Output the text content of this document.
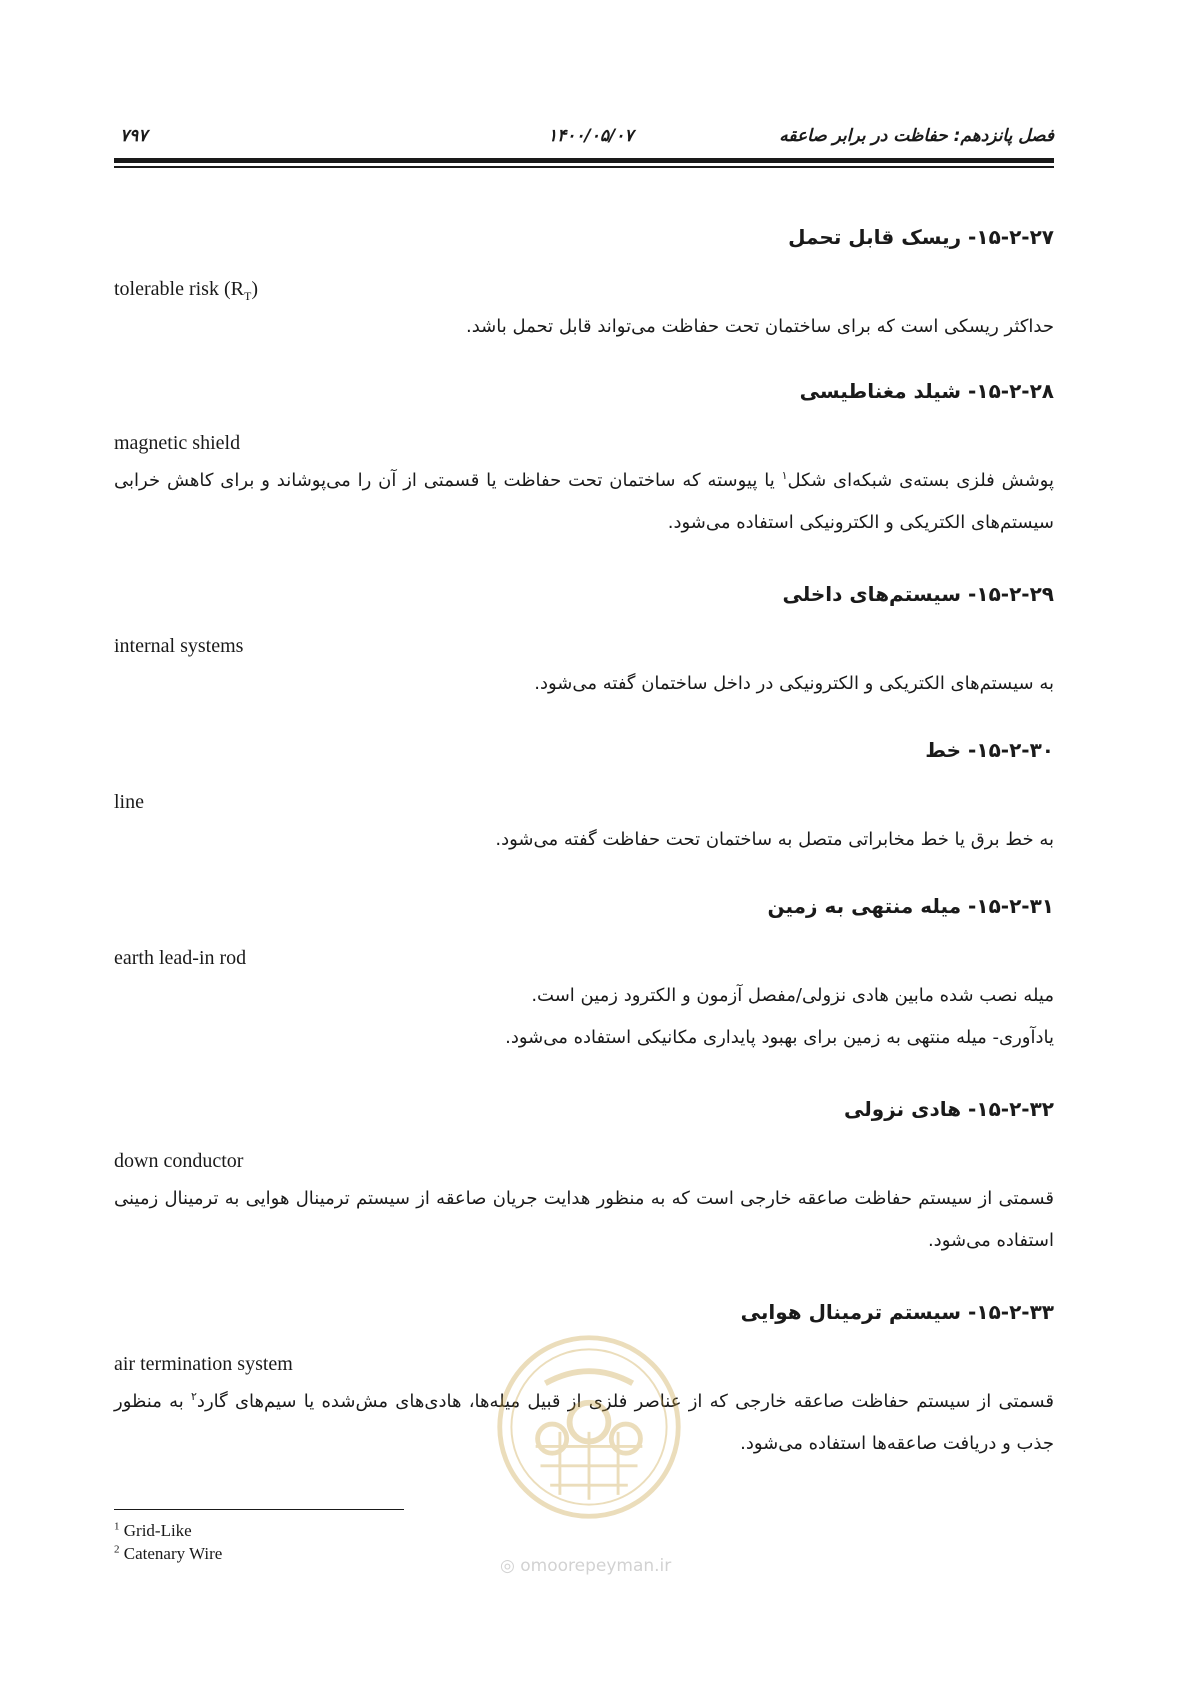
فصل پانزدهم: حفاظت در برابر صاعقه
۱۴۰۰/۰۵/۰۷
۷۹۷
۱۵-۲-۲۷- ریسک قابل تحمل
tolerable risk $(R_T)$

حداکثر ریسکی است که برای ساختمان تحت حفاظت می‌تواند قابل تحمل باشد.

۱۵-۲-۲۸- شیلد مغناطیسی
magnetic shield

پوشش فلزی بسته‌ی شبکه‌ای شکل$^۱$ یا پیوسته که ساختمان تحت حفاظت یا قسمتی از آن را می‌پوشاند و برای کاهش خرابی سیستم‌های الکتریکی و الکترونیکی استفاده می‌شود.

۱۵-۲-۲۹- سیستم‌های داخلی
internal systems

به سیستم‌های الکتریکی و الکترونیکی در داخل ساختمان گفته می‌شود.

۱۵-۲-۳۰- خط
line

به خط برق یا خط مخابراتی متصل به ساختمان تحت حفاظت گفته می‌شود.

۱۵-۲-۳۱- میله منتهی به زمین
earth lead-in rod

میله نصب شده مابین هادی نزولی/مفصل آزمون و الکترود زمین است.

یادآوری- میله منتهی به زمین برای بهبود پایداری مکانیکی استفاده می‌شود.

۱۵-۲-۳۲- هادی نزولی
down conductor

قسمتی از سیستم حفاظت صاعقه خارجی است که به منظور هدایت جریان صاعقه از سیستم ترمینال هوایی به ترمینال زمینی استفاده می‌شود.

۱۵-۲-۳۳- سیستم ترمینال هوایی
air termination system

قسمتی از سیستم حفاظت صاعقه خارجی که از عناصر فلزی از قبیل میله‌ها، هادی‌های مش‌شده یا سیم‌های گارد$^۲$ به منظور جذب و دریافت صاعقه‌ها استفاده می‌شود.

◎ omoorepeyman.ir
$^1$ Grid-Like
$^2$ Catenary Wire
